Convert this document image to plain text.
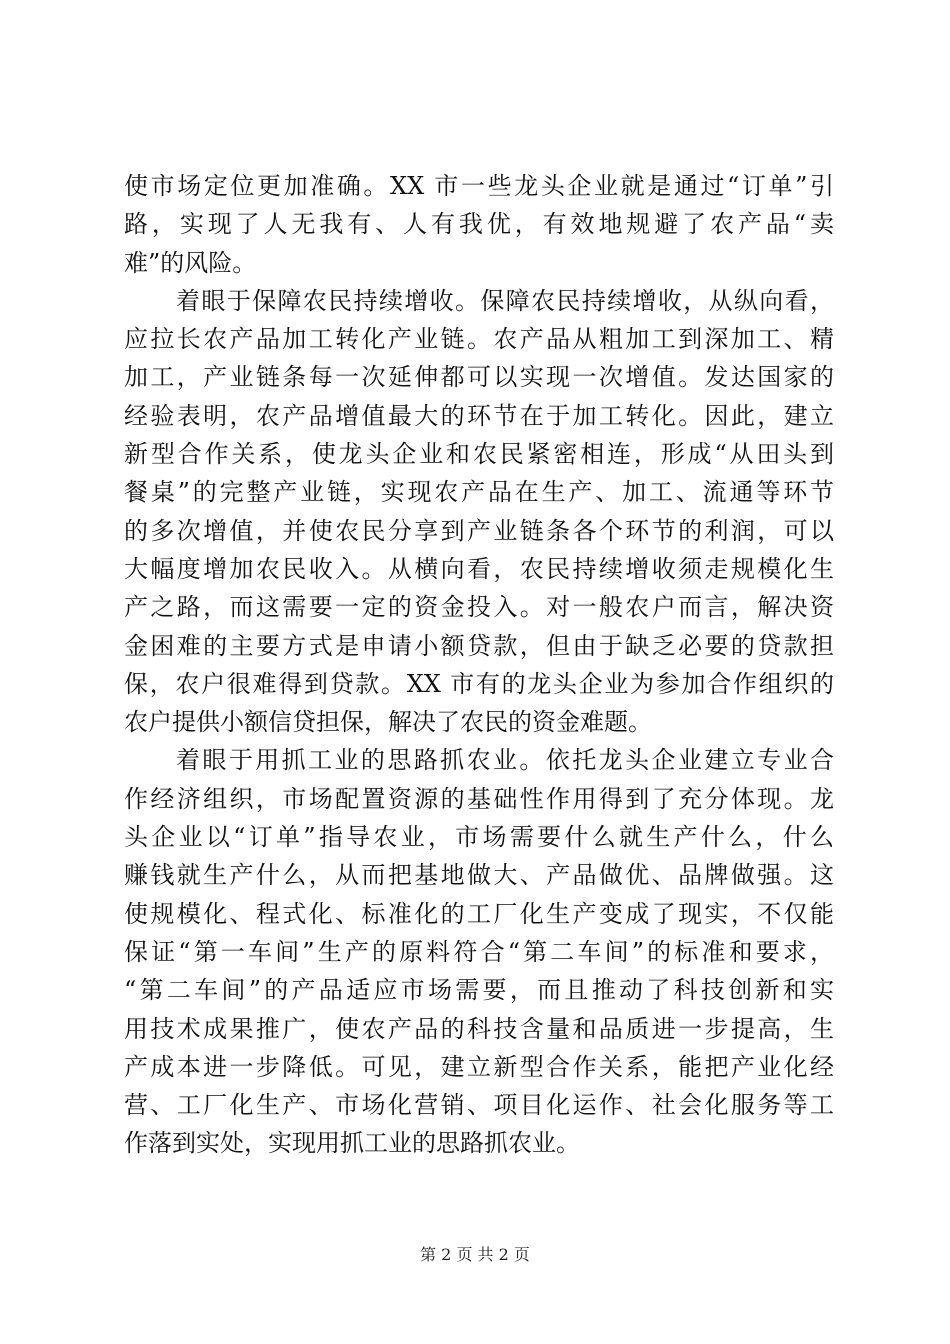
使市场定位更加准确。XX 市一些龙头企业就是通过“订单”引
路，实现了人无我有、人有我优，有效地规避了农产品“卖
难”的风险。
着眼于保障农民持续增收。保障农民持续增收，从纵向看，
应拉长农产品加工转化产业链。农产品从粗加工到深加工、精
加工，产业链条每一次延伸都可以实现一次增值。发达国家的
经验表明，农产品增值最大的环节在于加工转化。因此，建立
新型合作关系，使龙头企业和农民紧密相连，形成“从田头到
餐桌”的完整产业链，实现农产品在生产、加工、流通等环节
的多次增值，并使农民分享到产业链条各个环节的利润，可以
大幅度增加农民收入。从横向看，农民持续增收须走规模化生
产之路，而这需要一定的资金投入。对一般农户而言，解决资
金困难的主要方式是申请小额贷款，但由于缺乏必要的贷款担
保，农户很难得到贷款。XX 市有的龙头企业为参加合作组织的
农户提供小额信贷担保，解决了农民的资金难题。
着眼于用抓工业的思路抓农业。依托龙头企业建立专业合
作经济组织，市场配置资源的基础性作用得到了充分体现。龙
头企业以“订单”指导农业，市场需要什么就生产什么，什么
赚钱就生产什么，从而把基地做大、产品做优、品牌做强。这
使规模化、程式化、标准化的工厂化生产变成了现实，不仅能
保证“第一车间”生产的原料符合“第二车间”的标准和要求，
“第二车间”的产品适应市场需要，而且推动了科技创新和实
用技术成果推广，使农产品的科技含量和品质进一步提高，生
产成本进一步降低。可见，建立新型合作关系，能把产业化经
营、工厂化生产、市场化营销、项目化运作、社会化服务等工
作落到实处，实现用抓工业的思路抓农业。
第 2 页 共 2 页
